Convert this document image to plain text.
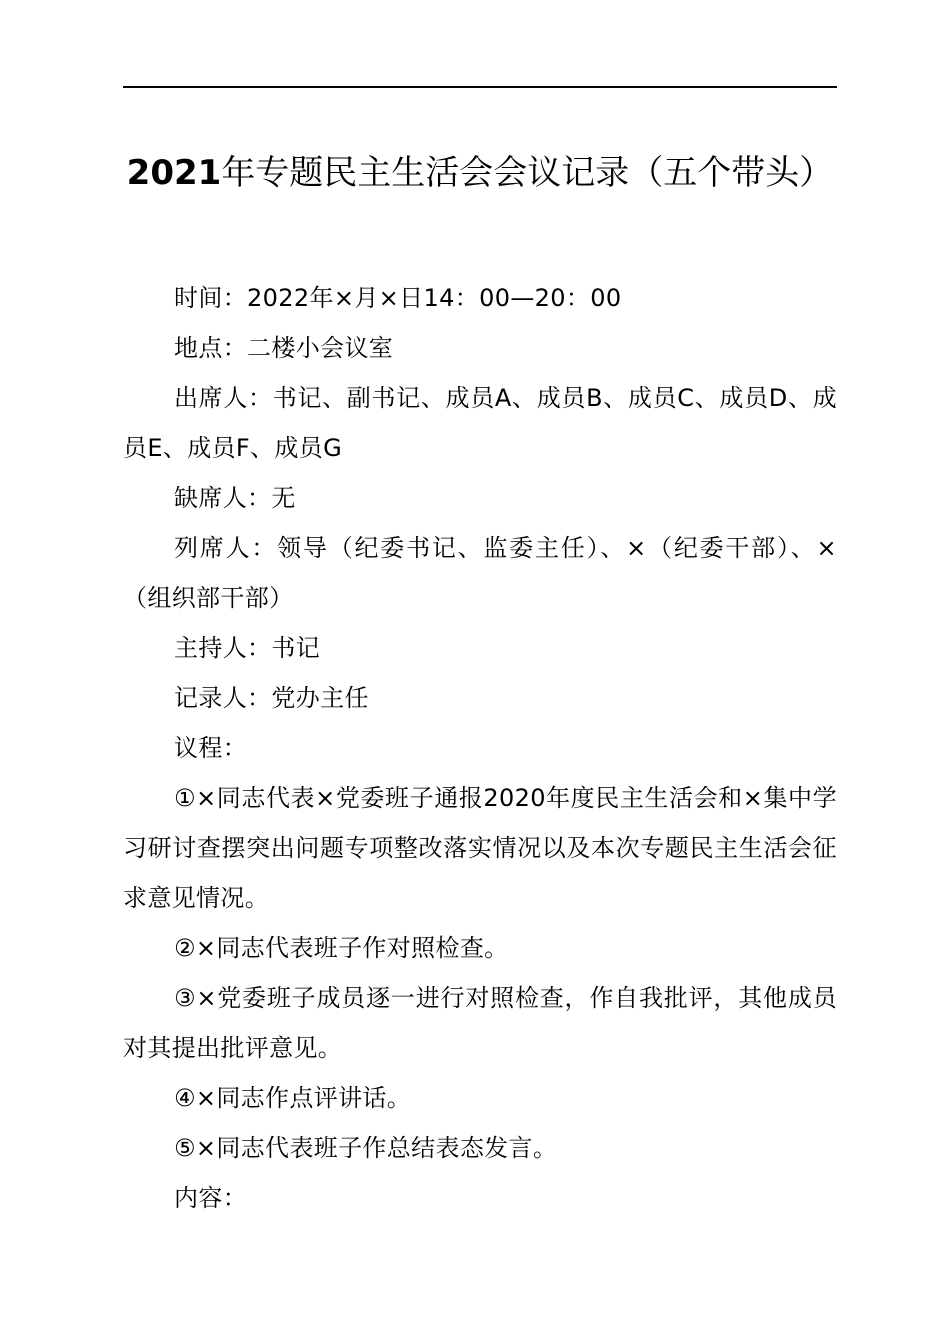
2021年专题民主生活会会议记录（五个带头）

时间：2022年×月×日14：00—20：00

地点：二楼小会议室

出席人：书记、副书记、成员A、成员B、成员C、成员D、成员E、成员F、成员G

缺席人：无

列席人：领导（纪委书记、监委主任）、×（纪委干部）、×（组织部干部）

主持人：书记

记录人：党办主任

议程：

①×同志代表×党委班子通报2020年度民主生活会和×集中学习研讨查摆突出问题专项整改落实情况以及本次专题民主生活会征求意见情况。

②×同志代表班子作对照检查。

③×党委班子成员逐一进行对照检查，作自我批评，其他成员对其提出批评意见。

④×同志作点评讲话。

⑤×同志代表班子作总结表态发言。

内容：
